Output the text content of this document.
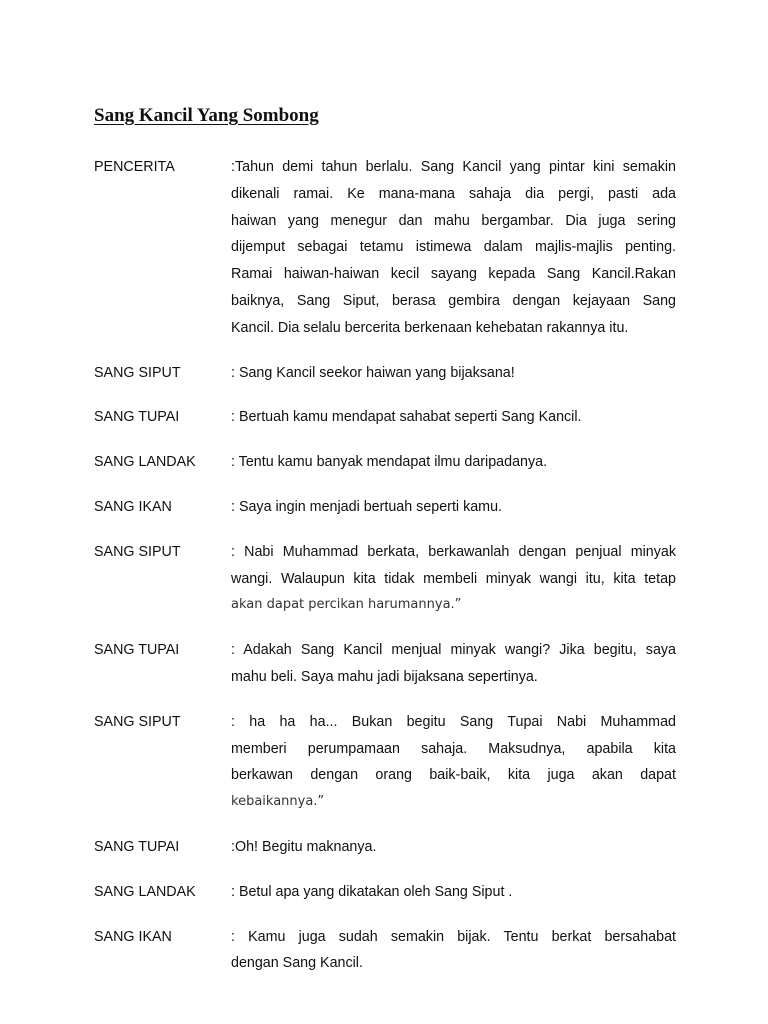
Sang Kancil Yang Sombong
PENCERITA	:Tahun demi tahun berlalu. Sang Kancil yang pintar kini semakin
dikenali ramai. Ke mana-mana sahaja dia pergi, pasti ada
haiwan yang menegur dan mahu bergambar. Dia juga sering
dijemput sebagai tetamu istimewa dalam majlis-majlis penting.
Ramai haiwan-haiwan kecil sayang kepada Sang Kancil.Rakan
baiknya, Sang Siput, berasa gembira dengan kejayaan Sang
Kancil. Dia selalu bercerita berkenaan kehebatan rakannya itu.
SANG SIPUT	: Sang Kancil seekor haiwan yang bijaksana!
SANG TUPAI	: Bertuah kamu mendapat sahabat seperti Sang Kancil.
SANG LANDAK	: Tentu kamu banyak mendapat ilmu daripadanya.
SANG IKAN	: Saya ingin menjadi bertuah seperti kamu.
SANG SIPUT	: Nabi Muhammad berkata, berkawanlah dengan penjual minyak
wangi. Walaupun kita tidak membeli minyak wangi itu, kita tetap
akan dapat percikan harumannya.”
SANG TUPAI	: Adakah Sang Kancil menjual minyak wangi? Jika begitu, saya
mahu beli. Saya mahu jadi bijaksana sepertinya.
SANG SIPUT	: ha ha ha... Bukan begitu Sang Tupai Nabi Muhammad
memberi perumpamaan sahaja. Maksudnya, apabila kita
berkawan dengan orang baik-baik, kita juga akan dapat
kebaikannya.”
SANG TUPAI	:Oh! Begitu maknanya.
SANG LANDAK	: Betul apa yang dikatakan oleh Sang Siput .
SANG IKAN	: Kamu juga sudah semakin bijak. Tentu berkat bersahabat
dengan Sang Kancil.
